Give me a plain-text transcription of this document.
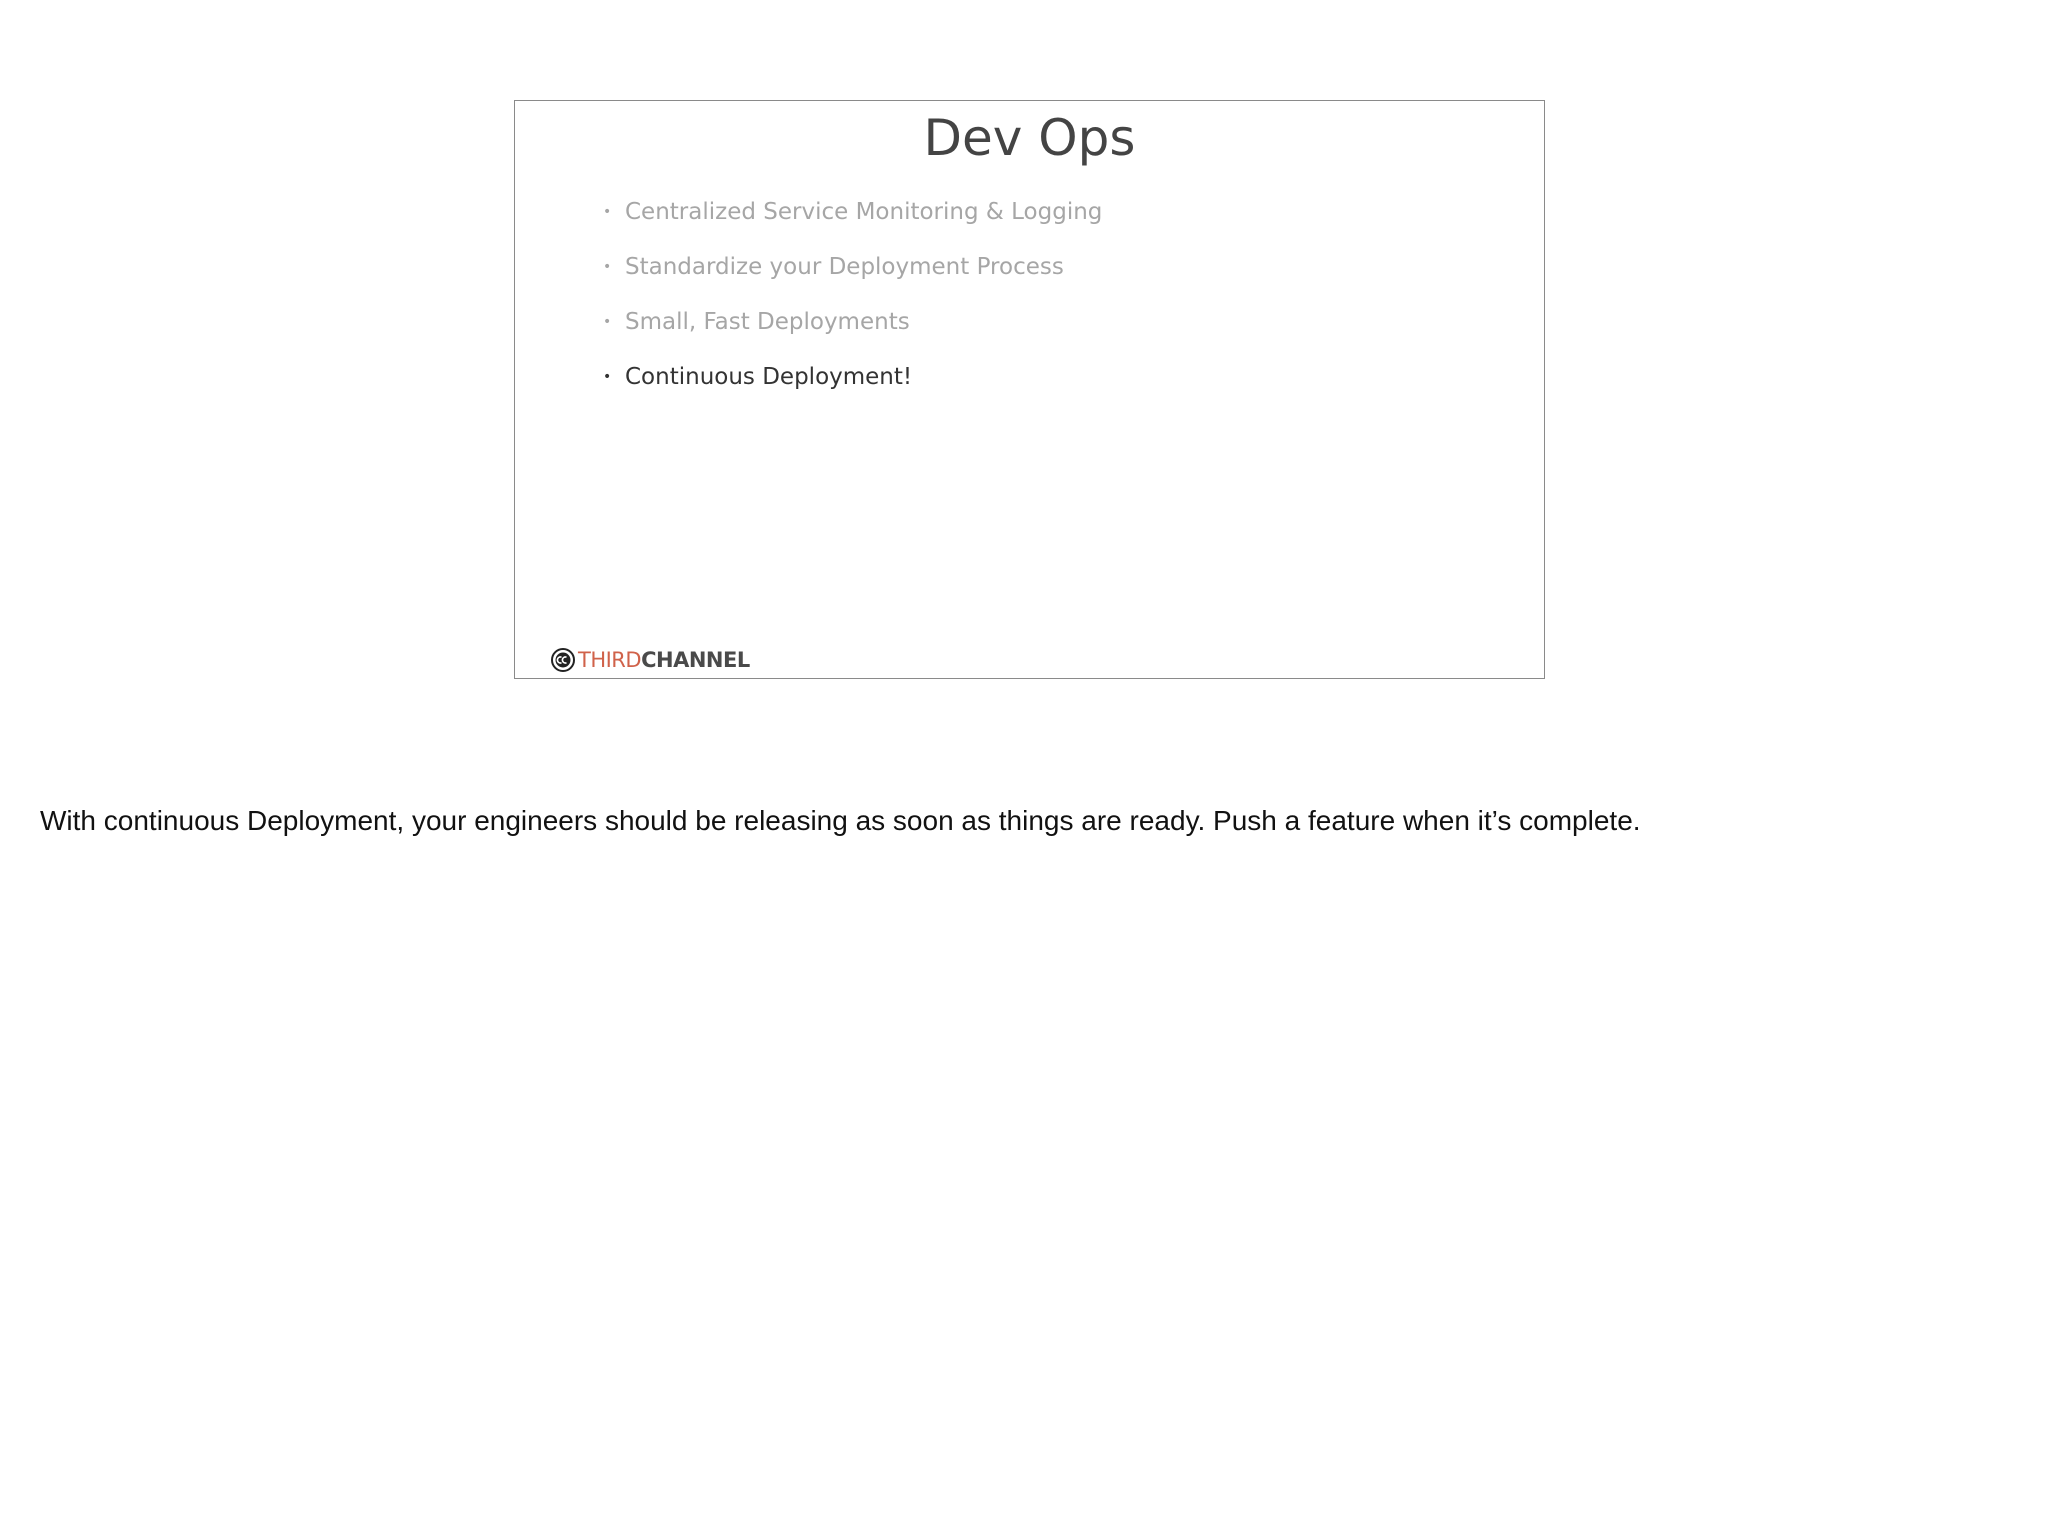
Dev Ops
• Centralized Service Monitoring & Logging
• Standardize your Deployment Process
• Small, Fast Deployments
• Continuous Deployment!
THIRD CHANNEL

With continuous Deployment, your engineers should be releasing as soon as things are ready. Push a feature when it’s complete.
